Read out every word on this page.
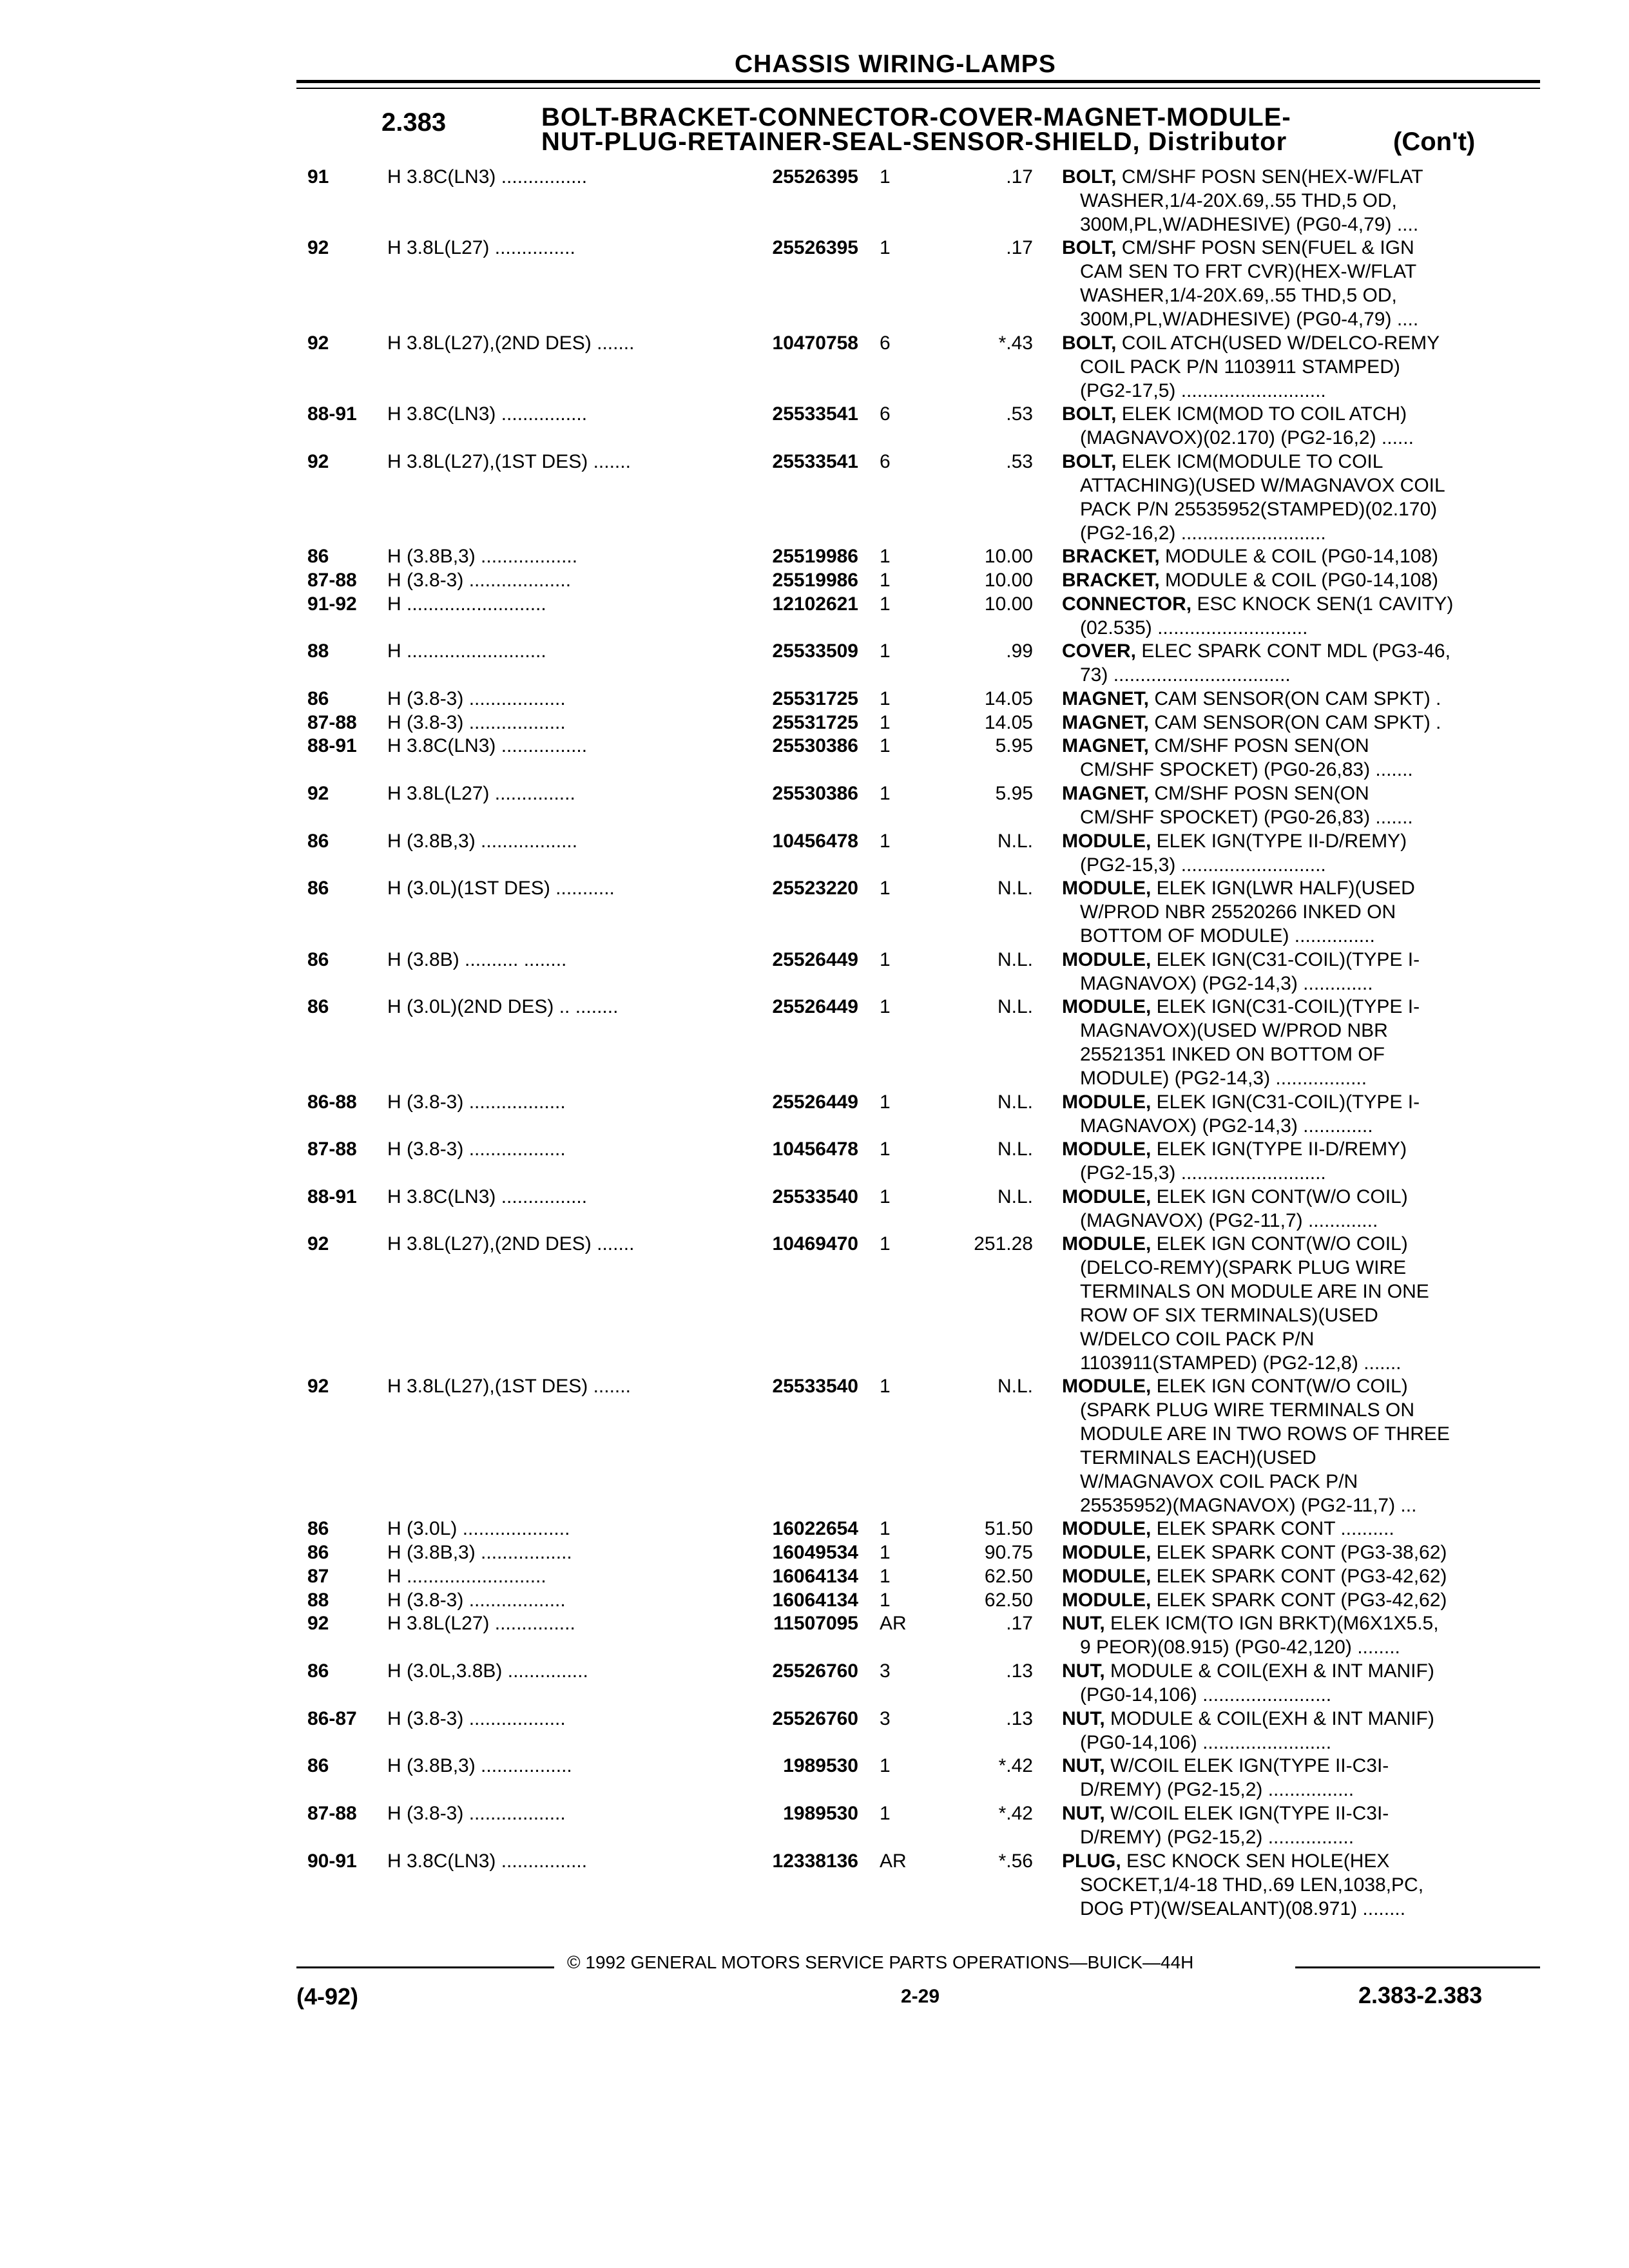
CHASSIS WIRING-LAMPS
2.383	BOLT-BRACKET-CONNECTOR-COVER-MAGNET-MODULE-
NUT-PLUG-RETAINER-SEAL-SENSOR-SHIELD, Distributor	(Con't)
91	H 3.8C(LN3) ................	25526395 1	.17 BOLT, CM/SHF POSN SEN(HEX-W/FLAT
WASHER,1/4-20X.69,.55 THD,5 OD,
300M,PL,W/ADHESIVE) (PG0-4,79) ....
92	H 3.8L(L27) ...............	25526395 1	.17 BOLT, CM/SHF POSN SEN(FUEL & IGN
CAM SEN TO FRT CVR)(HEX-W/FLAT
WASHER,1/4-20X.69,.55 THD,5 OD,
300M,PL,W/ADHESIVE) (PG0-4,79) ....
92	H 3.8L(L27),(2ND DES) .......	10470758 6	*.43 BOLT, COIL ATCH(USED W/DELCO-REMY
COIL PACK P/N 1103911 STAMPED)
(PG2-17,5) ...........................
88-91 H 3.8C(LN3) ................	25533541 6	.53 BOLT, ELEK ICM(MOD TO COIL ATCH)
(MAGNAVOX)(02.170) (PG2-16,2) ......
92	H 3.8L(L27),(1ST DES) .......	25533541 6	.53 BOLT, ELEK ICM(MODULE TO COIL
ATTACHING)(USED W/MAGNAVOX COIL
PACK P/N 25535952(STAMPED)(02.170)
(PG2-16,2) ...........................
86	H (3.8B,3) ..................	25519986 1	10.00 BRACKET, MODULE & COIL (PG0-14,108)
87-88 H (3.8-3) ...................	25519986 1	10.00 BRACKET, MODULE & COIL (PG0-14,108)
91-92 H ..........................	12102621 1	10.00 CONNECTOR, ESC KNOCK SEN(1 CAVITY)
(02.535) ............................
88	H ..........................	25533509 1	.99 COVER, ELEC SPARK CONT MDL (PG3-46,
73) .................................
86	H (3.8-3) ..................	25531725 1	14.05 MAGNET, CAM SENSOR(ON CAM SPKT) .
87-88 H (3.8-3) ..................	25531725 1	14.05 MAGNET, CAM SENSOR(ON CAM SPKT) .
88-91 H 3.8C(LN3) ................	25530386 1	5.95 MAGNET, CM/SHF POSN SEN(ON
CM/SHF SPOCKET) (PG0-26,83) .......
92	H 3.8L(L27) ...............	25530386 1	5.95 MAGNET, CM/SHF POSN SEN(ON
CM/SHF SPOCKET) (PG0-26,83) .......
86	H (3.8B,3) ..................	10456478 1	N.L. MODULE, ELEK IGN(TYPE II-D/REMY)
(PG2-15,3) ...........................
86	H (3.0L)(1ST DES) ...........	25523220 1	N.L. MODULE, ELEK IGN(LWR HALF)(USED
W/PROD NBR 25520266 INKED ON
BOTTOM OF MODULE) ...............
86	H (3.8B) .......... ........	25526449 1	N.L. MODULE, ELEK IGN(C31-COIL)(TYPE I-
MAGNAVOX) (PG2-14,3) .............
86	H (3.0L)(2ND DES) .. ........	25526449 1	N.L. MODULE, ELEK IGN(C31-COIL)(TYPE I-
MAGNAVOX)(USED W/PROD NBR
25521351 INKED ON BOTTOM OF
MODULE) (PG2-14,3) .................
86-88 H (3.8-3) ..................	25526449 1	N.L. MODULE, ELEK IGN(C31-COIL)(TYPE I-
MAGNAVOX) (PG2-14,3) .............
87-88 H (3.8-3) ..................	10456478 1	N.L. MODULE, ELEK IGN(TYPE II-D/REMY)
(PG2-15,3) ...........................
88-91 H 3.8C(LN3) ................	25533540 1	N.L. MODULE, ELEK IGN CONT(W/O COIL)
(MAGNAVOX) (PG2-11,7) .............
92	H 3.8L(L27),(2ND DES) .......	10469470 1	251.28 MODULE, ELEK IGN CONT(W/O COIL)
(DELCO-REMY)(SPARK PLUG WIRE
TERMINALS ON MODULE ARE IN ONE
ROW OF SIX TERMINALS)(USED
W/DELCO COIL PACK P/N
1103911(STAMPED) (PG2-12,8) .......
92	H 3.8L(L27),(1ST DES) .......	25533540 1	N.L. MODULE, ELEK IGN CONT(W/O COIL)
(SPARK PLUG WIRE TERMINALS ON
MODULE ARE IN TWO ROWS OF THREE
TERMINALS EACH)(USED
W/MAGNAVOX COIL PACK P/N
25535952)(MAGNAVOX) (PG2-11,7) ...
86	H (3.0L) ....................	16022654 1	51.50 MODULE, ELEK SPARK CONT ..........
86	H (3.8B,3) .................	16049534 1	90.75 MODULE, ELEK SPARK CONT (PG3-38,62)
87	H ..........................	16064134 1	62.50 MODULE, ELEK SPARK CONT (PG3-42,62)
88	H (3.8-3) ..................	16064134 1	62.50 MODULE, ELEK SPARK CONT (PG3-42,62)
92	H 3.8L(L27) ...............	11507095 AR	.17 NUT, ELEK ICM(TO IGN BRKT)(M6X1X5.5,
9 PEOR)(08.915) (PG0-42,120) ........
86	H (3.0L,3.8B) ...............	25526760 3	.13 NUT, MODULE & COIL(EXH & INT MANIF)
(PG0-14,106) ........................
86-87 H (3.8-3) ..................	25526760 3	.13 NUT, MODULE & COIL(EXH & INT MANIF)
(PG0-14,106) ........................
86	H (3.8B,3) .................	1989530 1	*.42 NUT, W/COIL ELEK IGN(TYPE II-C3I-
D/REMY) (PG2-15,2) ................
87-88 H (3.8-3) ..................	1989530 1	*.42 NUT, W/COIL ELEK IGN(TYPE II-C3I-
D/REMY) (PG2-15,2) ................
90-91 H 3.8C(LN3) ................	12338136 AR	*.56 PLUG, ESC KNOCK SEN HOLE(HEX
SOCKET,1/4-18 THD,.69 LEN,1038,PC,
DOG PT)(W/SEALANT)(08.971) ........
© 1992 GENERAL MOTORS SERVICE PARTS OPERATIONS—BUICK—44H
(4-92)	2-29	2.383-2.383
